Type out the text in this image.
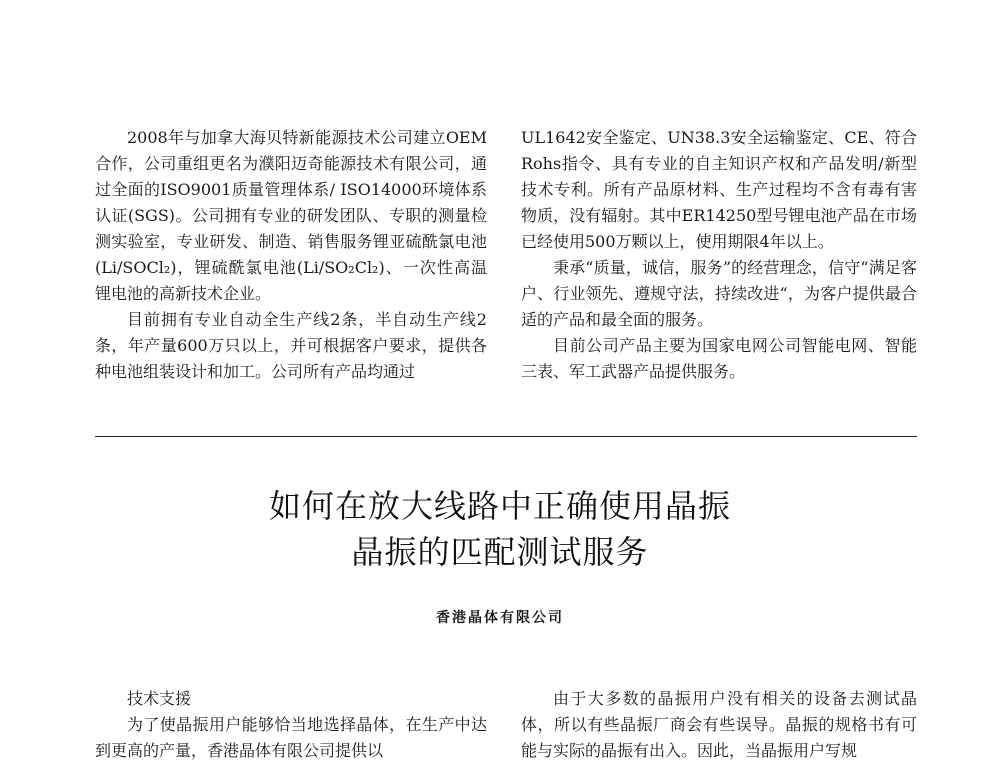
2008年与加拿大海贝特新能源技术公司建立OEM合作，公司重组更名为濮阳迈奇能源技术有限公司，通过全面的ISO9001质量管理体系/ ISO14000环境体系认证(SGS)。公司拥有专业的研发团队、专职的测量检测实验室，专业研发、制造、销售服务锂亚硫酰氯电池(Li/SOCl₂)，锂硫酰氯电池(Li/SO₂Cl₂)、一次性高温锂电池的高新技术企业。

目前拥有专业自动全生产线2条，半自动生产线2条，年产量600万只以上，并可根据客户要求，提供各种电池组装设计和加工。公司所有产品均通过

UL1642安全鉴定、UN38.3安全运输鉴定、CE、符合Rohs指令、具有专业的自主知识产权和产品发明/新型技术专利。所有产品原材料、生产过程均不含有毒有害物质，没有辐射。其中ER14250型号锂电池产品在市场已经使用500万颗以上，使用期限4年以上。

秉承“质量，诚信，服务”的经营理念，信守“满足客户、行业领先、遵规守法，持续改进“，为客户提供最合适的产品和最全面的服务。

目前公司产品主要为国家电网公司智能电网、智能三表、军工武器产品提供服务。

如何在放大线路中正确使用晶振
晶振的匹配测试服务
香港晶体有限公司

技术支援

为了使晶振用户能够恰当地选择晶体，在生产中达到更高的产量，香港晶体有限公司提供以

由于大多数的晶振用户没有相关的设备去测试晶体，所以有些晶振厂商会有些误导。晶振的规格书有可能与实际的晶振有出入。因此，当晶振用户写规
